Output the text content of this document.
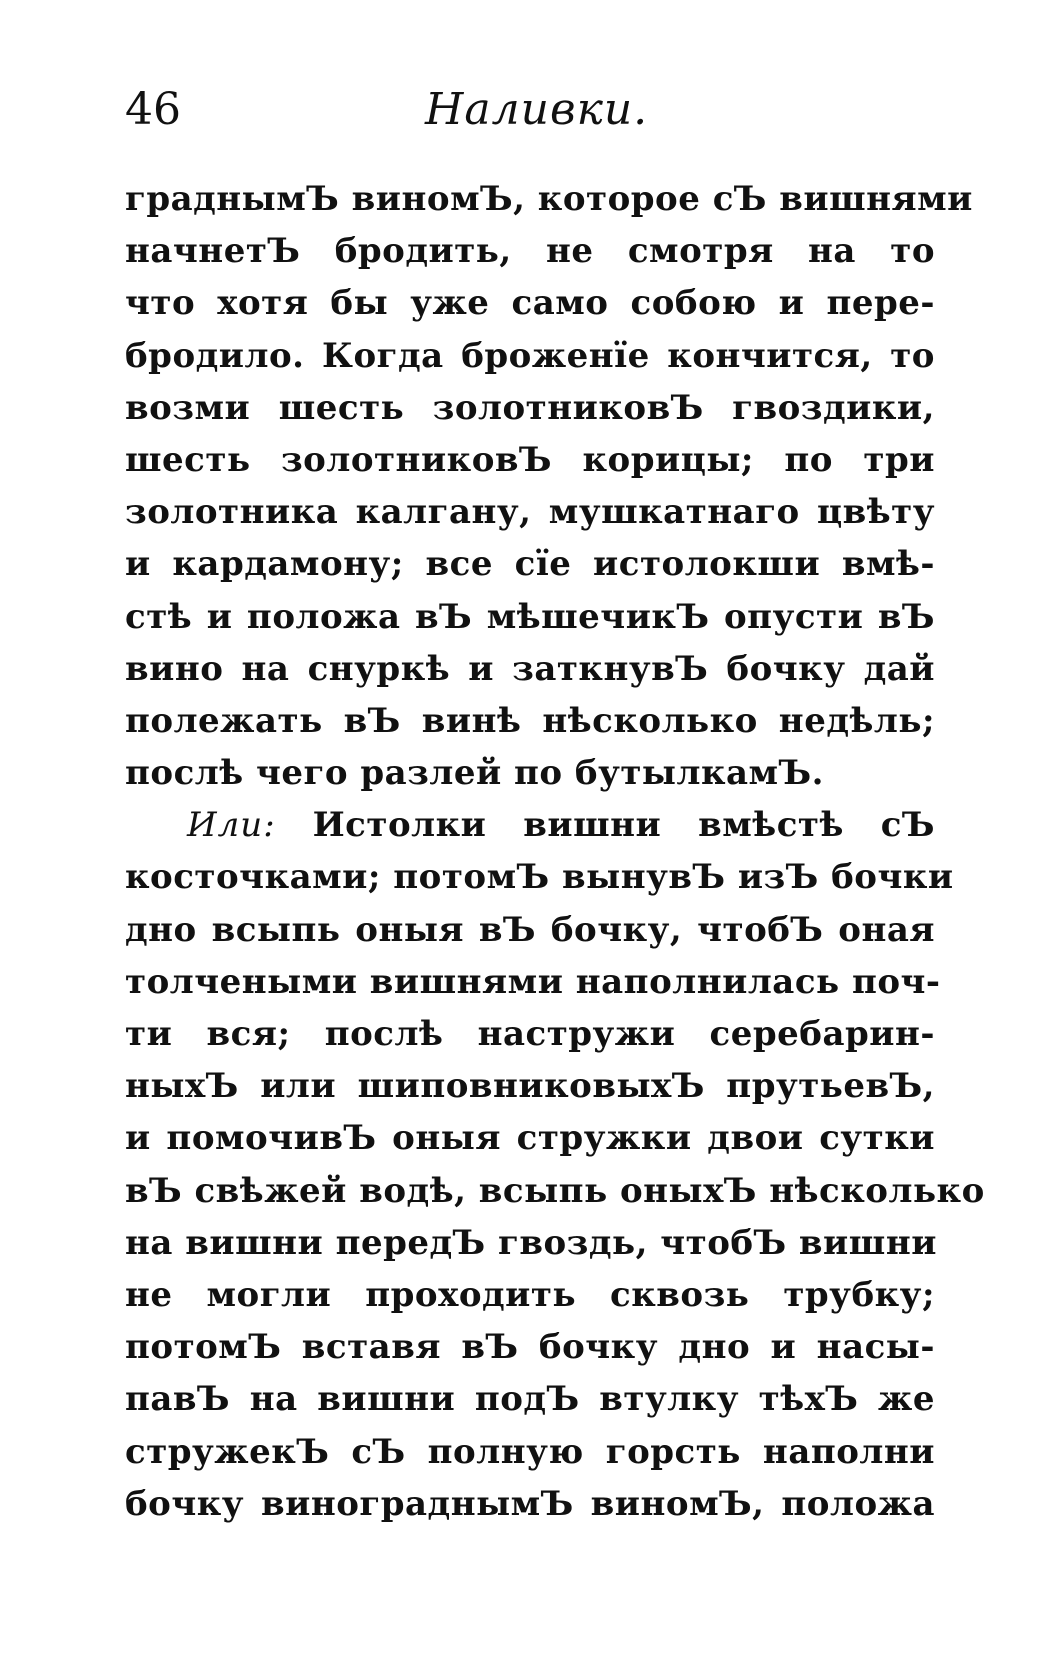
46	Наливки.
граднымЪ виномЪ, которое сЪ вишнями
начнетЪ бродить, не смотря на то
что хотя бы уже само собою и пере-
бродило. Когда броженїе кончится, то
возми шесть золотниковЪ гвоздики,
шесть золотниковЪ корицы; по три
золотника калгану, мушкатнаго цвѣту
и кардамону; все сїе истолокши вмѣ-
стѣ и положа вЪ мѣшечикЪ опусти вЪ
вино на снуркѣ и заткнувЪ бочку дай
полежать вЪ винѣ нѣсколько недѣль;
послѣ чего разлей по бутылкамЪ.
Или: Истолки вишни вмѣстѣ сЪ
косточками; потомЪ вынувЪ изЪ бочки
дно всыпь оныя вЪ бочку, чтобЪ оная
толчеными вишнями наполнилась поч-
ти вся; послѣ настружи серебарин-
ныхЪ или шиповниковыхЪ прутьевЪ,
и помочивЪ оныя стружки двои сутки
вЪ свѣжей водѣ, всыпь оныхЪ нѣсколько
на вишни передЪ гвоздь, чтобЪ вишни
не могли проходить сквозь трубку;
потомЪ вставя вЪ бочку дно и насы-
павЪ на вишни подЪ втулку тѣхЪ же
стружекЪ сЪ полную горсть наполни
бочку винограднымЪ виномЪ, положа
